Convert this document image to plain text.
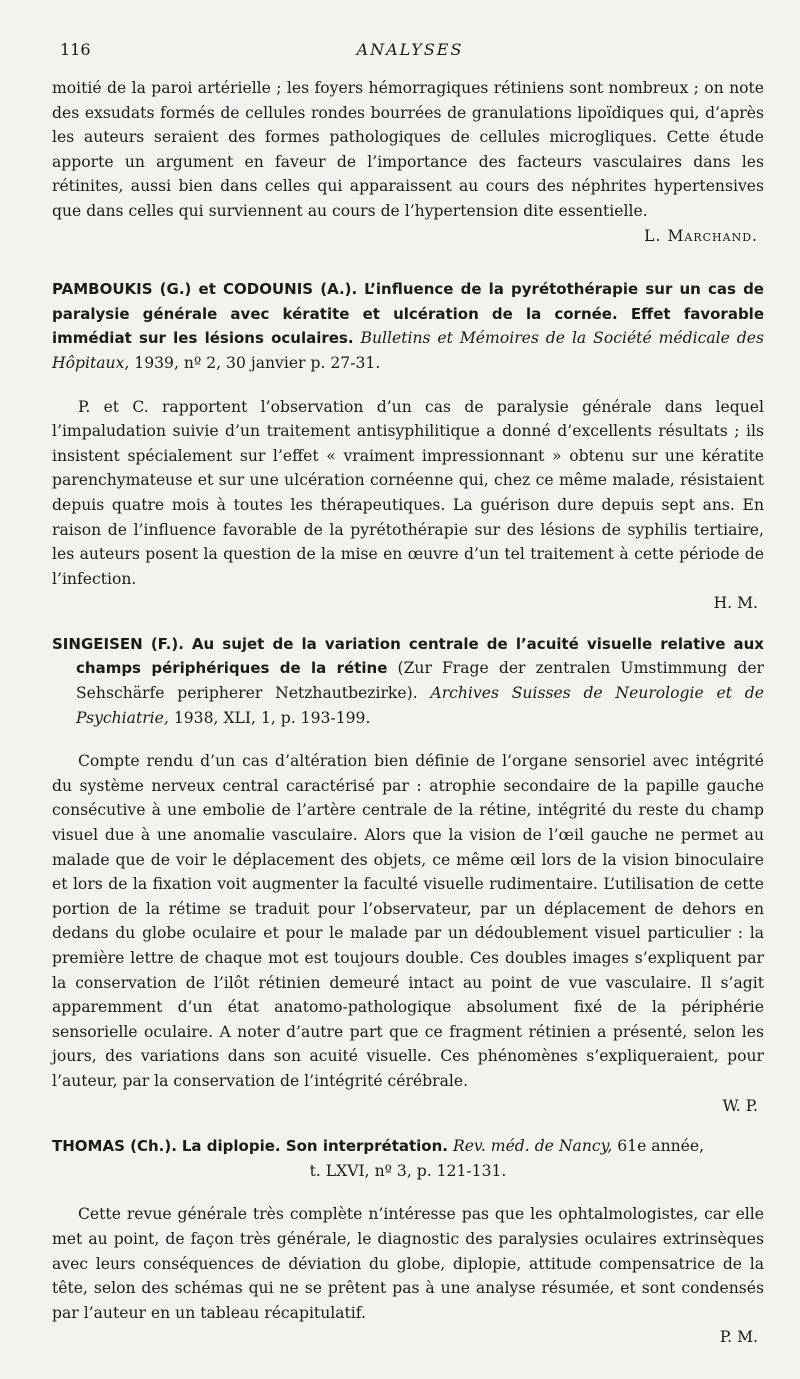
116	ANALYSES

moitié de la paroi artérielle ; les foyers hémorragiques rétiniens sont nombreux ; on note des exsudats formés de cellules rondes bourrées de granulations lipoïdiques qui, d’après les auteurs seraient des formes pathologiques de cellules microgliques. Cette étude apporte un argument en faveur de l’importance des facteurs vasculaires dans les rétinites, aussi bien dans celles qui apparaissent au cours des néphrites hypertensives que dans celles qui surviennent au cours de l’hypertension dite essentielle.

L. Marchand.

PAMBOUKIS (G.) et CODOUNIS (A.). L’influence de la pyrétothérapie sur un cas de paralysie générale avec kératite et ulcération de la cornée. Effet favorable immédiat sur les lésions oculaires. Bulletins et Mémoires de la Société médicale des Hôpitaux, 1939, nº 2, 30 janvier p. 27-31.

P. et C. rapportent l’observation d’un cas de paralysie générale dans lequel l’impaludation suivie d’un traitement antisyphilitique a donné d’excellents résultats ; ils insistent spécialement sur l’effet « vraiment impressionnant » obtenu sur une kératite parenchymateuse et sur une ulcération cornéenne qui, chez ce même malade, résistaient depuis quatre mois à toutes les thérapeutiques. La guérison dure depuis sept ans. En raison de l’influence favorable de la pyrétothérapie sur des lésions de syphilis tertiaire, les auteurs posent la question de la mise en œuvre d’un tel traitement à cette période de l’infection.

H. M.

SINGEISEN (F.). Au sujet de la variation centrale de l’acuité visuelle relative aux champs périphériques de la rétine (Zur Frage der zentralen Umstimmung der Sehschärfe peripherer Netzhautbezirke). Archives Suisses de Neurologie et de Psychiatrie, 1938, XLI, 1, p. 193-199.

Compte rendu d’un cas d’altération bien définie de l’organe sensoriel avec intégrité du système nerveux central caractérisé par : atrophie secondaire de la papille gauche consécutive à une embolie de l’artère centrale de la rétine, intégrité du reste du champ visuel due à une anomalie vasculaire. Alors que la vision de l’œil gauche ne permet au malade que de voir le déplacement des objets, ce même œil lors de la vision binoculaire et lors de la fixation voit augmenter la faculté visuelle rudimentaire. L’utilisation de cette portion de la rétime se traduit pour l’observateur, par un déplacement de dehors en dedans du globe oculaire et pour le malade par un dédoublement visuel particulier : la première lettre de chaque mot est toujours double. Ces doubles images s’expliquent par la conservation de l’ilôt rétinien demeuré intact au point de vue vasculaire. Il s’agit apparemment d’un état anatomo-pathologique absolument fixé de la périphérie sensorielle oculaire. A noter d’autre part que ce fragment rétinien a présenté, selon les jours, des variations dans son acuité visuelle. Ces phénomènes s’expliqueraient, pour l’auteur, par la conservation de l’intégrité cérébrale.

W. P.

THOMAS (Ch.). La diplopie. Son interprétation. Rev. méd. de Nancy, 61e année,

t. LXVI, nº 3, p. 121-131.

Cette revue générale très complète n’intéresse pas que les ophtalmologistes, car elle met au point, de façon très générale, le diagnostic des paralysies oculaires extrinsèques avec leurs conséquences de déviation du globe, diplopie, attitude compensatrice de la tête, selon des schémas qui ne se prêtent pas à une analyse résumée, et sont condensés par l’auteur en un tableau récapitulatif.

P. M.
